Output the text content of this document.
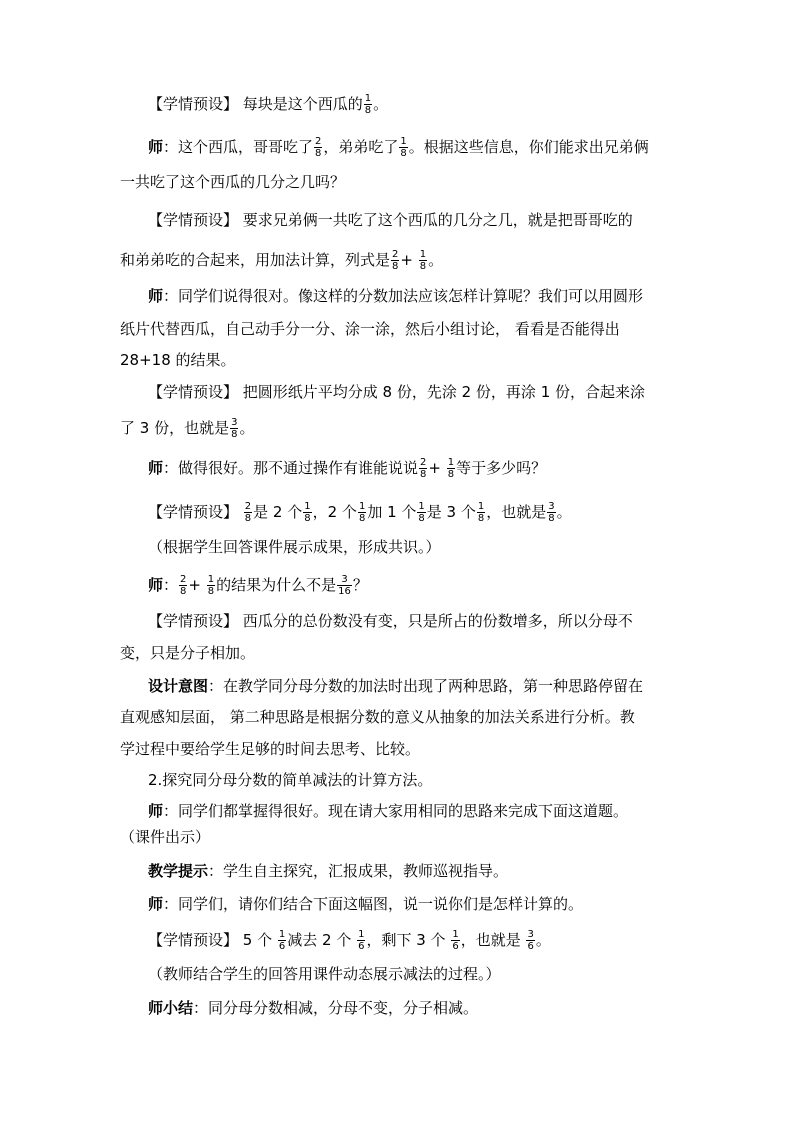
【学情预设】 每块是这个西瓜的 $\frac{1}{8}$ 。
师：这个西瓜，哥哥吃了 $\frac{2}{8}$ ，弟弟吃了 $\frac{1}{8}$ 。根据这些信息，你们能求出兄弟俩
一共吃了这个西瓜的几分之几吗？
【学情预设】 要求兄弟俩一共吃了这个西瓜的几分之几，就是把哥哥吃的
和弟弟吃的合起来，用加法计算，列式是 $\frac{2}{8} + \frac{1}{8}$ 。
师：同学们说得很对。像这样的分数加法应该怎样计算呢？我们可以用圆形
纸片代替西瓜，自己动手分一分、涂一涂，然后小组讨论， 看看是否能得出
28+18 的结果。
【学情预设】 把圆形纸片平均分成 8 份，先涂 2 份，再涂 1 份，合起来涂
了 3 份，也就是 $\frac{3}{8}$ 。
师：做得很好。那不通过操作有谁能说说 $\frac{2}{8} + \frac{1}{8}$ 等于多少吗？
【学情预设】 $\frac{2}{8}$ 是 2 个 $\frac{1}{8}$ ，2 个 $\frac{1}{8}$ 加 1 个 $\frac{1}{8}$ 是 3 个 $\frac{1}{8}$ ，也就是 $\frac{3}{8}$ 。
（根据学生回答课件展示成果，形成共识。）
师： $\frac{2}{8} + \frac{1}{8}$ 的结果为什么不是 $\frac{3}{16}$ ？
【学情预设】 西瓜分的总份数没有变，只是所占的份数增多，所以分母不
变，只是分子相加。
设计意图：在教学同分母分数的加法时出现了两种思路，第一种思路停留在
直观感知层面， 第二种思路是根据分数的意义从抽象的加法关系进行分析。教
学过程中要给学生足够的时间去思考、比较。
2.探究同分母分数的简单减法的计算方法。
师：同学们都掌握得很好。现在请大家用相同的思路来完成下面这道题。
（课件出示）
教学提示：学生自主探究，汇报成果，教师巡视指导。
师：同学们，请你们结合下面这幅图，说一说你们是怎样计算的。
【学情预设】 5 个 $\frac{1}{6}$ 减去 2 个 $\frac{1}{6}$ ，剩下 3 个 $\frac{1}{6}$ ，也就是 $\frac{3}{6}$ 。
（教师结合学生的回答用课件动态展示减法的过程。）
师小结：同分母分数相减，分母不变，分子相减。
